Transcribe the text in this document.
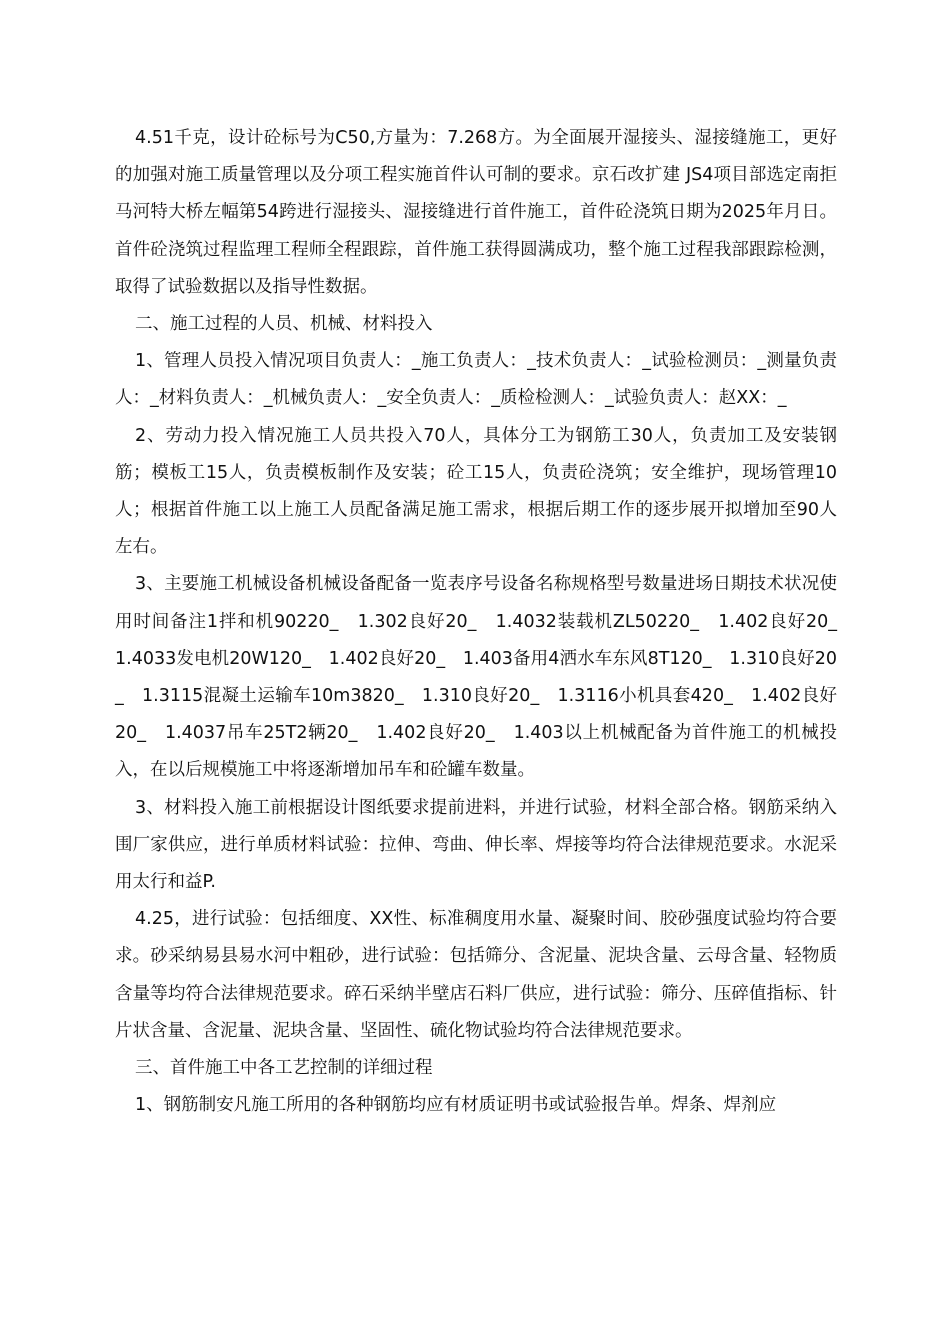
4.51千克，设计砼标号为C50,方量为：7.268方。为全面展开湿接头、湿接缝施工，更好的加强对施工质量管理以及分项工程实施首件认可制的要求。京石改扩建 JS4项目部选定南拒马河特大桥左幅第54跨进行湿接头、湿接缝进行首件施工，首件砼浇筑日期为2025年月日。首件砼浇筑过程监理工程师全程跟踪，首件施工获得圆满成功，整个施工过程我部跟踪检测，取得了试验数据以及指导性数据。

二、施工过程的人员、机械、材料投入

1、管理人员投入情况项目负责人：_施工负责人：_技术负责人：_试验检测员：_测量负责人：_材料负责人：_机械负责人：_安全负责人：_质检检测人：_试验负责人：赵XX：_

2、劳动力投入情况施工人员共投入70人，具体分工为钢筋工30人，负责加工及安装钢筋；模板工15人，负责模板制作及安装；砼工15人，负责砼浇筑；安全维护，现场管理10人；根据首件施工以上施工人员配备满足施工需求，根据后期工作的逐步展开拟增加至90人左右。

3、主要施工机械设备机械设备配备一览表序号设备名称规格型号数量进场日期技术状况使用时间备注1拌和机90220_　1.302良好20_　1.4032装载机ZL50220_　1.402良好20_　1.4033发电机20W120_　1.402良好20_　1.403备用4洒水车东风8T120_　1.310良好20_　1.3115混凝土运输车10m3820_　1.310良好20_　1.3116小机具套420_　1.402良好20_　1.4037吊车25T2辆20_　1.402良好20_　1.403以上机械配备为首件施工的机械投入，在以后规模施工中将逐渐增加吊车和砼罐车数量。

3、材料投入施工前根据设计图纸要求提前进料，并进行试验，材料全部合格。钢筋采纳入围厂家供应，进行单质材料试验：拉伸、弯曲、伸长率、焊接等均符合法律规范要求。水泥采用太行和益P.

4.25，进行试验：包括细度、XX性、标准稠度用水量、凝聚时间、胶砂强度试验均符合要求。砂采纳易县易水河中粗砂，进行试验：包括筛分、含泥量、泥块含量、云母含量、轻物质含量等均符合法律规范要求。碎石采纳半壁店石料厂供应，进行试验：筛分、压碎值指标、针片状含量、含泥量、泥块含量、坚固性、硫化物试验均符合法律规范要求。

三、首件施工中各工艺控制的详细过程

1、钢筋制安凡施工所用的各种钢筋均应有材质证明书或试验报告单。焊条、焊剂应
